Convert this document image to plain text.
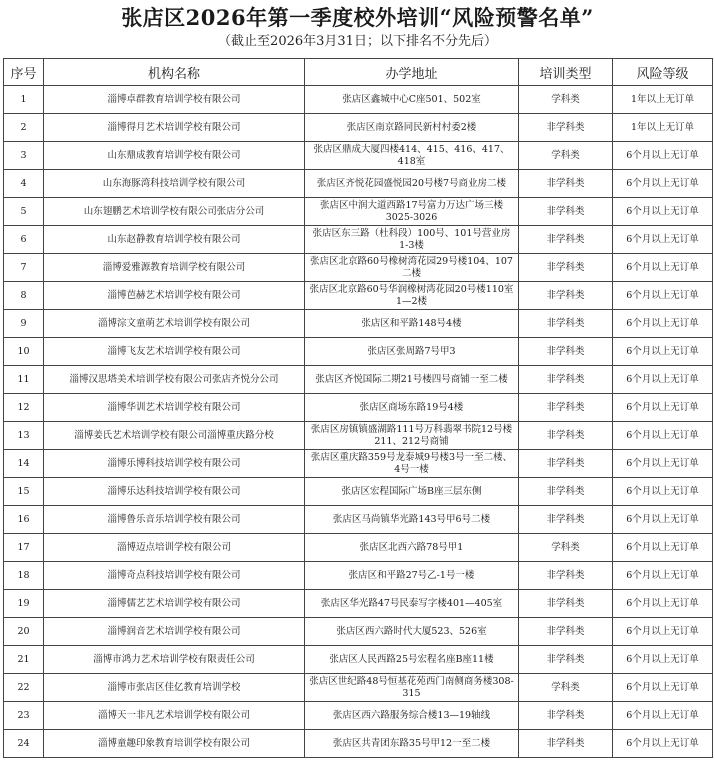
张店区2026年第一季度校外培训“风险预警名单”
（截止至2026年3月31日；以下排名不分先后）
序号	机构名称	办学地址	培训类型	风险等级
1	淄博卓群教育培训学校有限公司	张店区鑫城中心C座501、502室	学科类	1年以上无订单
2	淄博得月艺术培训学校有限公司	张店区南京路同民新村村委2楼	非学科类	1年以上无订单
3	山东鼎成教育培训学校有限公司	张店区鼎成大厦四楼414、415、416、417、418室	学科类	6个月以上无订单
4	山东海豚湾科技培训学校有限公司	张店区齐悦花园盛悦园20号楼7号商业房二楼	非学科类	6个月以上无订单
5	山东翅鹏艺术培训学校有限公司张店分公司	张店区中润大道西路17号富力万达广场三楼3025-3026	非学科类	6个月以上无订单
6	山东赵静教育培训学校有限公司	张店区东三路（杜科段）100号、101号营业房1-3楼	非学科类	6个月以上无订单
7	淄博爱雅源教育培训学校有限公司	张店区北京路60号橡树湾花园29号楼104、107二楼	非学科类	6个月以上无订单
8	淄博芭赫艺术培训学校有限公司	张店区北京路60号华润橡树湾花园20号楼110室1—2楼	非学科类	6个月以上无订单
9	淄博淙文童萌艺术培训学校有限公司	张店区和平路148号4楼	非学科类	6个月以上无订单
10	淄博飞友艺术培训学校有限公司	张店区张周路7号甲3	非学科类	6个月以上无订单
11	淄博汉思塔美术培训学校有限公司张店齐悦分公司	张店区齐悦国际二期21号楼四号商铺一至二楼	非学科类	6个月以上无订单
12	淄博华训艺术培训学校有限公司	张店区商场东路19号4楼	非学科类	6个月以上无订单
13	淄博姜氏艺术培训学校有限公司淄博重庆路分校	张店区房镇镇盛湖路111号万科翡翠书院12号楼211、212号商铺	非学科类	6个月以上无订单
14	淄博乐博科技培训学校有限公司	张店区重庆路359号龙泰城9号楼3号一至二楼、4号一楼	非学科类	6个月以上无订单
15	淄博乐达科技培训学校有限公司	张店区宏程国际广场B座三层东侧	非学科类	6个月以上无订单
16	淄博鲁乐音乐培训学校有限公司	张店区马尚镇华光路143号甲6号二楼	非学科类	6个月以上无订单
17	淄博迈点培训学校有限公司	张店区北西六路78号甲1	学科类	6个月以上无订单
18	淄博奇点科技培训学校有限公司	张店区和平路27号乙-1号一楼	非学科类	6个月以上无订单
19	淄博儒艺艺术培训学校有限公司	张店区华光路47号民泰写字楼401—405室	非学科类	6个月以上无订单
20	淄博润音艺术培训学校有限公司	张店区西六路时代大厦523、526室	非学科类	6个月以上无订单
21	淄博市鸿力艺术培训学校有限责任公司	张店区人民西路25号宏程名座B座11楼	非学科类	6个月以上无订单
22	淄博市张店区佳亿教育培训学校	张店区世纪路48号恒基花苑西门南侧商务楼308-315	学科类	6个月以上无订单
23	淄博天一非凡艺术培训学校有限公司	张店区西六路服务综合楼13—19轴线	非学科类	6个月以上无订单
24	淄博童趣印象教育培训学校有限公司	张店区共青团东路35号甲12一至二楼	非学科类	6个月以上无订单
